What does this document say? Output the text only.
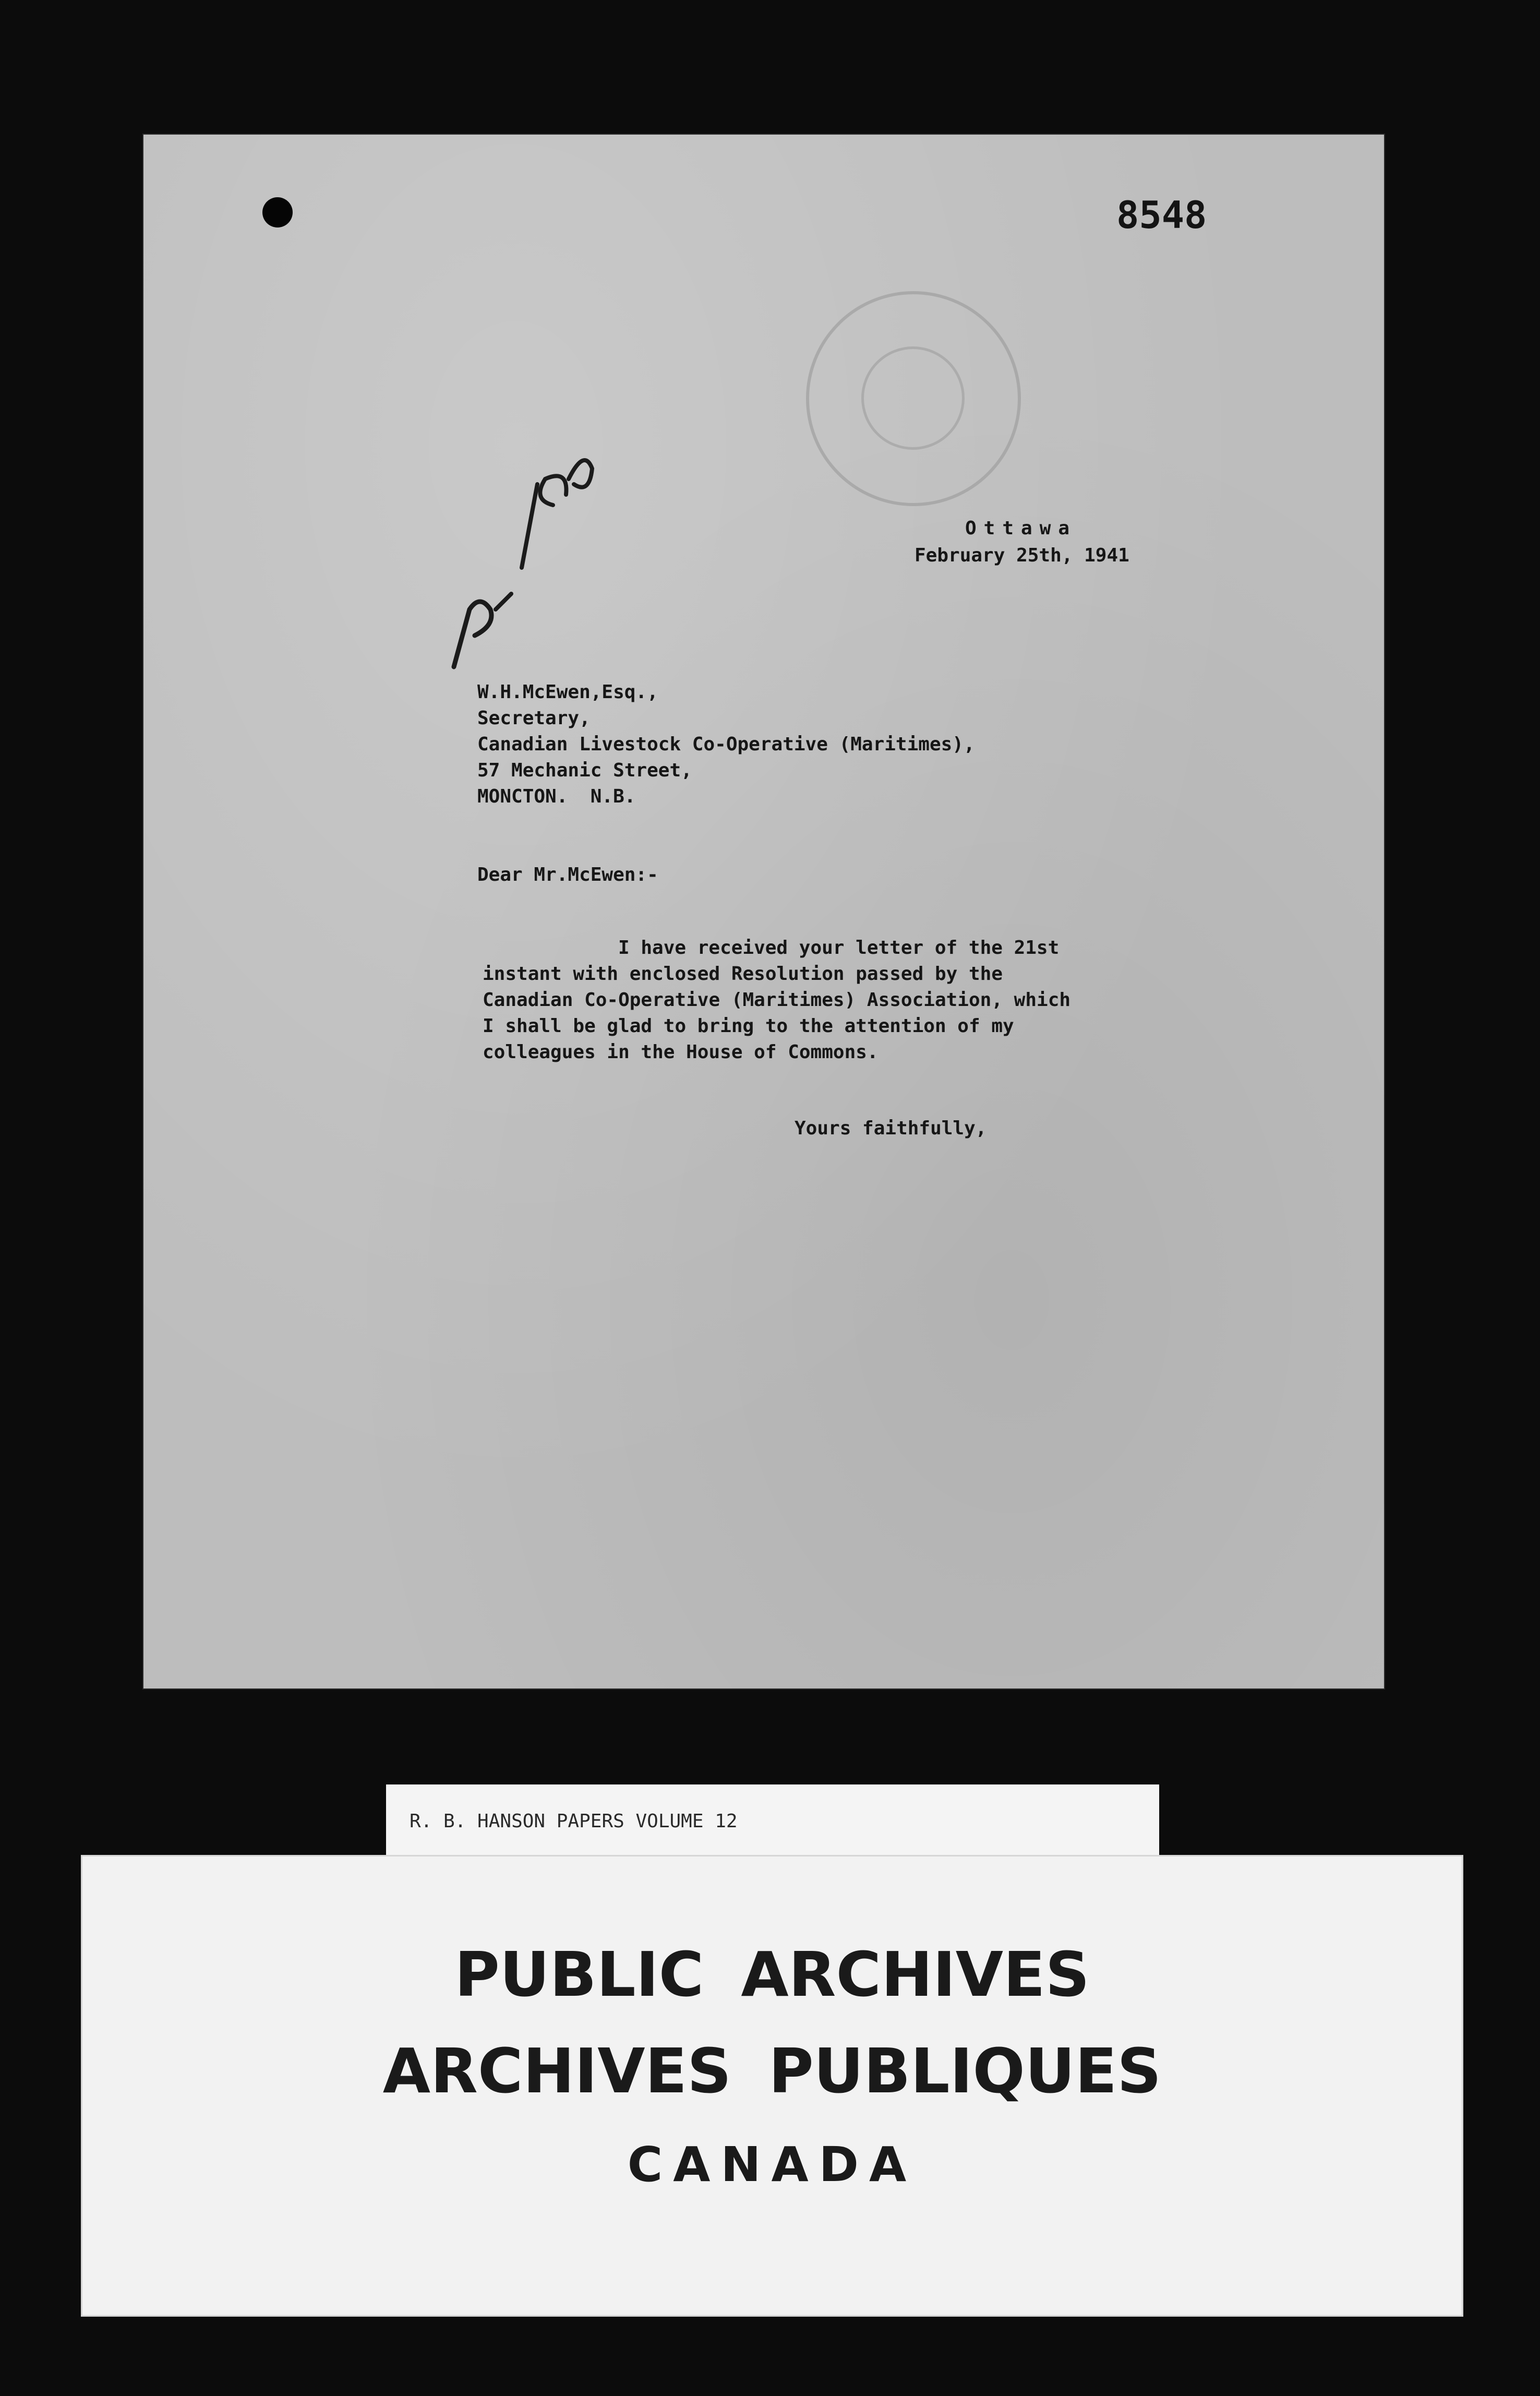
8548
Ottawa
February 25th, 1941
W.H.McEwen,Esq.,
Secretary,
Canadian Livestock Co-Operative (Maritimes),
57 Mechanic Street,
MONCTON.  N.B.
Dear Mr.McEwen:-
I have received your letter of the 21st
instant with enclosed Resolution passed by the
Canadian Co-Operative (Maritimes) Association, which
I shall be glad to bring to the attention of my
colleagues in the House of Commons.
Yours faithfully,
R. B. HANSON PAPERS VOLUME 12
PUBLIC ARCHIVES
ARCHIVES PUBLIQUES
CANADA
